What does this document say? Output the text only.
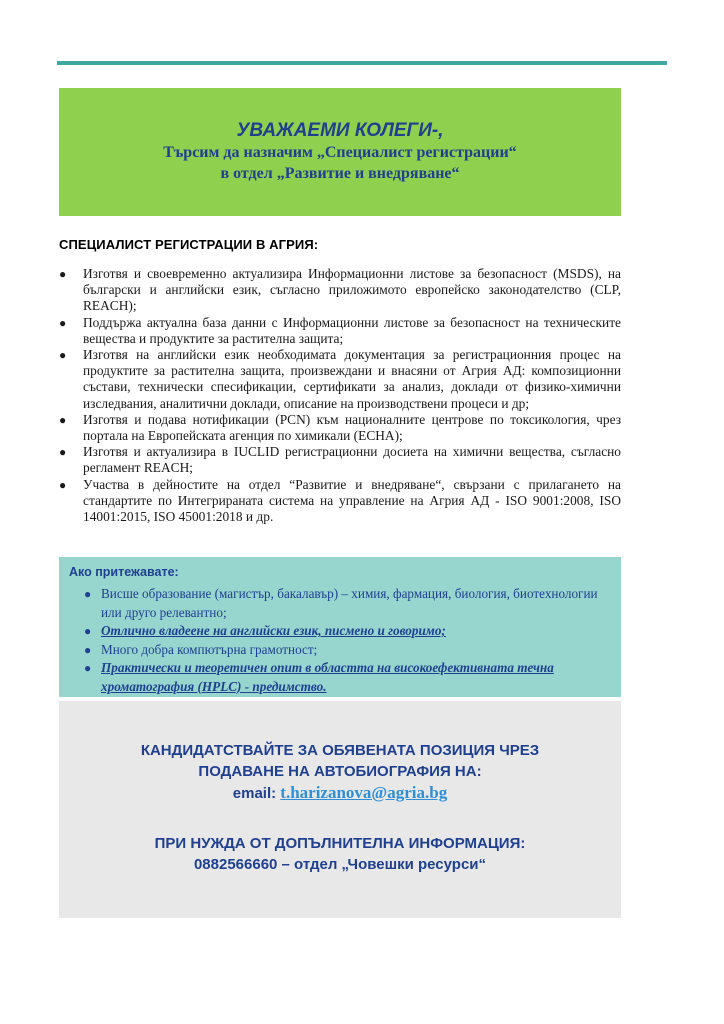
УВАЖАЕМИ КОЛЕГИ-,
Търсим да назначим „Специалист регистрации“
в отдел „Развитие и внедряване“
СПЕЦИАЛИСТ РЕГИСТРАЦИИ В АГРИЯ:
● Изготвя и своевременно актуализира Информационни листове за безопасност (MSDS), на български и английски език, съгласно приложимото европейско законодателство (CLP, REACH);
● Поддържа актуална база данни с Информационни листове за безопасност на техническите вещества и продуктите за растителна защита;
● Изготвя на английски език необходимата документация за регистрационния процес на продуктите за растителна защита, произвеждани и внасяни от Агрия АД: композиционни състави, технически спесификации, сертификати за анализ, доклади от физико-химични изследвания, аналитични доклади, описание на производствени процеси и др;
● Изготвя и подава нотификации (PCN) към националните центрове по токсикология, чрез портала на Европейската агенция по химикали (ECHA);
● Изготвя и актуализира в IUCLID регистрационни досиета на химични вещества, съгласно регламент REACH;
● Участва в дейностите на отдел “Развитие и внедряване“, свързани с прилагането на стандартите по Интегрираната система на управление на Агрия АД - ISO 9001:2008, ISO 14001:2015, ISO 45001:2018 и др.
Ако притежавате:
● Висше образование (магистър, бакалавър) – химия, фармация, биология, биотехнологии или друго релевантно;
● Отлично владеене на английски език, писмено и говоримо;
● Много добра компютърна грамотност;
● Практически и теоретичен опит в областта на високоефективната течна хроматография (HPLC) - предимство.
КАНДИДАТСТВАЙТЕ ЗА ОБЯВЕНАТА ПОЗИЦИЯ ЧРЕЗ
ПОДАВАНЕ НА АВТОБИОГРАФИЯ НА:
email: t.harizanova@agria.bg
ПРИ НУЖДА ОТ ДОПЪЛНИТЕЛНА ИНФОРМАЦИЯ:
0882566660 – отдел „Човешки ресурси“
